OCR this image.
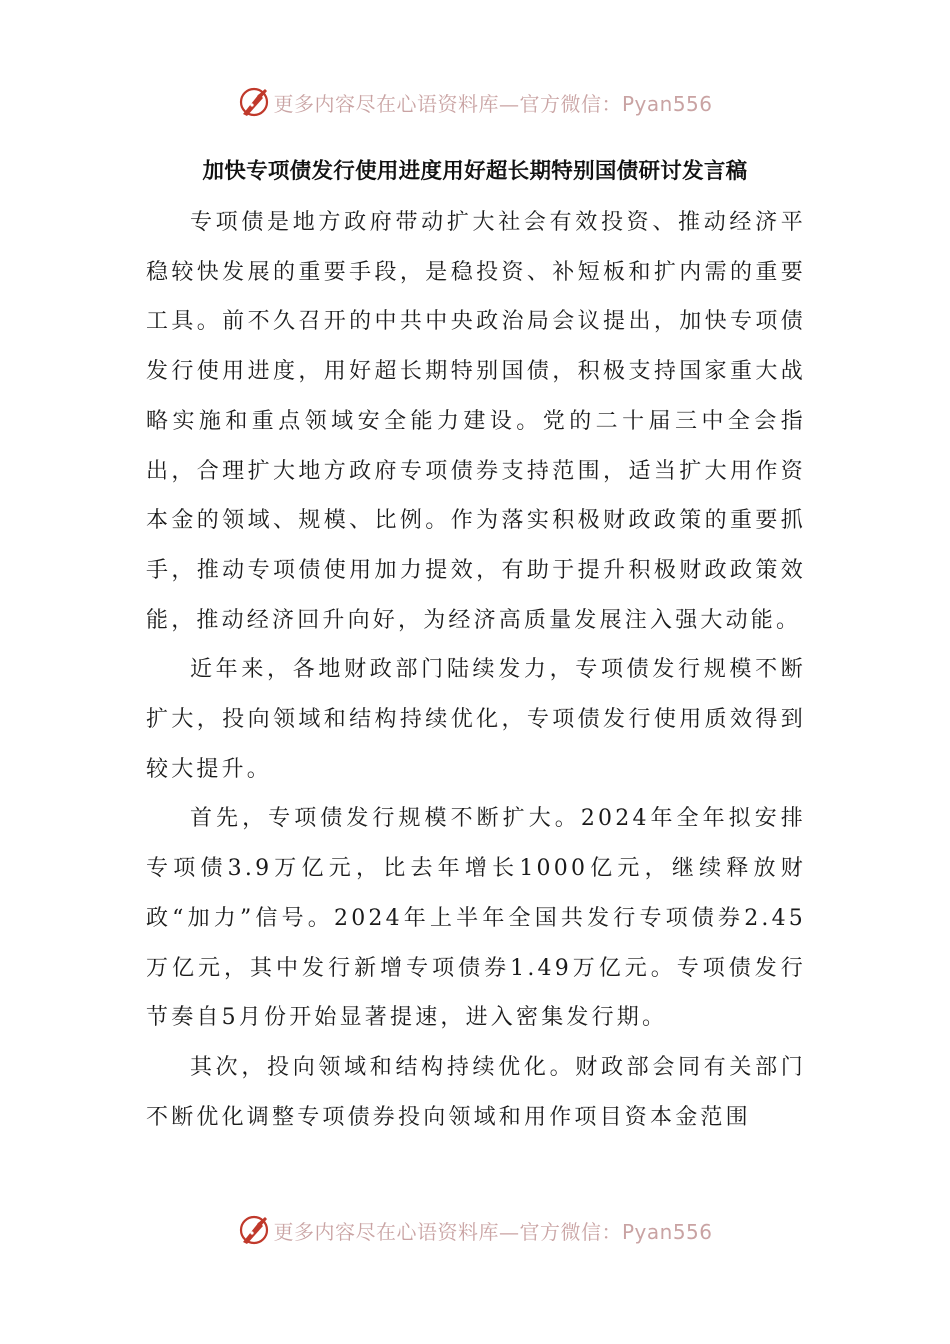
更多内容尽在心语资料库—官方微信：Pyan556
加快专项债发行使用进度用好超长期特别国债研讨发言稿

专项债是地方政府带动扩大社会有效投资、推动经济平稳较快发展的重要手段，是稳投资、补短板和扩内需的重要工具。前不久召开的中共中央政治局会议提出，加快专项债发行使用进度，用好超长期特别国债，积极支持国家重大战略实施和重点领域安全能力建设。党的二十届三中全会指出，合理扩大地方政府专项债券支持范围，适当扩大用作资本金的领域、规模、比例。作为落实积极财政政策的重要抓手，推动专项债使用加力提效，有助于提升积极财政政策效能，推动经济回升向好，为经济高质量发展注入强大动能。

近年来，各地财政部门陆续发力，专项债发行规模不断扩大，投向领域和结构持续优化，专项债发行使用质效得到较大提升。

首先，专项债发行规模不断扩大。2024年全年拟安排专项债3.9万亿元，比去年增长1000亿元，继续释放财政“加力”信号。2024年上半年全国共发行专项债券2.45万亿元，其中发行新增专项债券1.49万亿元。专项债发行节奏自5月份开始显著提速，进入密集发行期。

其次，投向领域和结构持续优化。财政部会同有关部门不断优化调整专项债券投向领域和用作项目资本金范围

更多内容尽在心语资料库—官方微信：Pyan556
